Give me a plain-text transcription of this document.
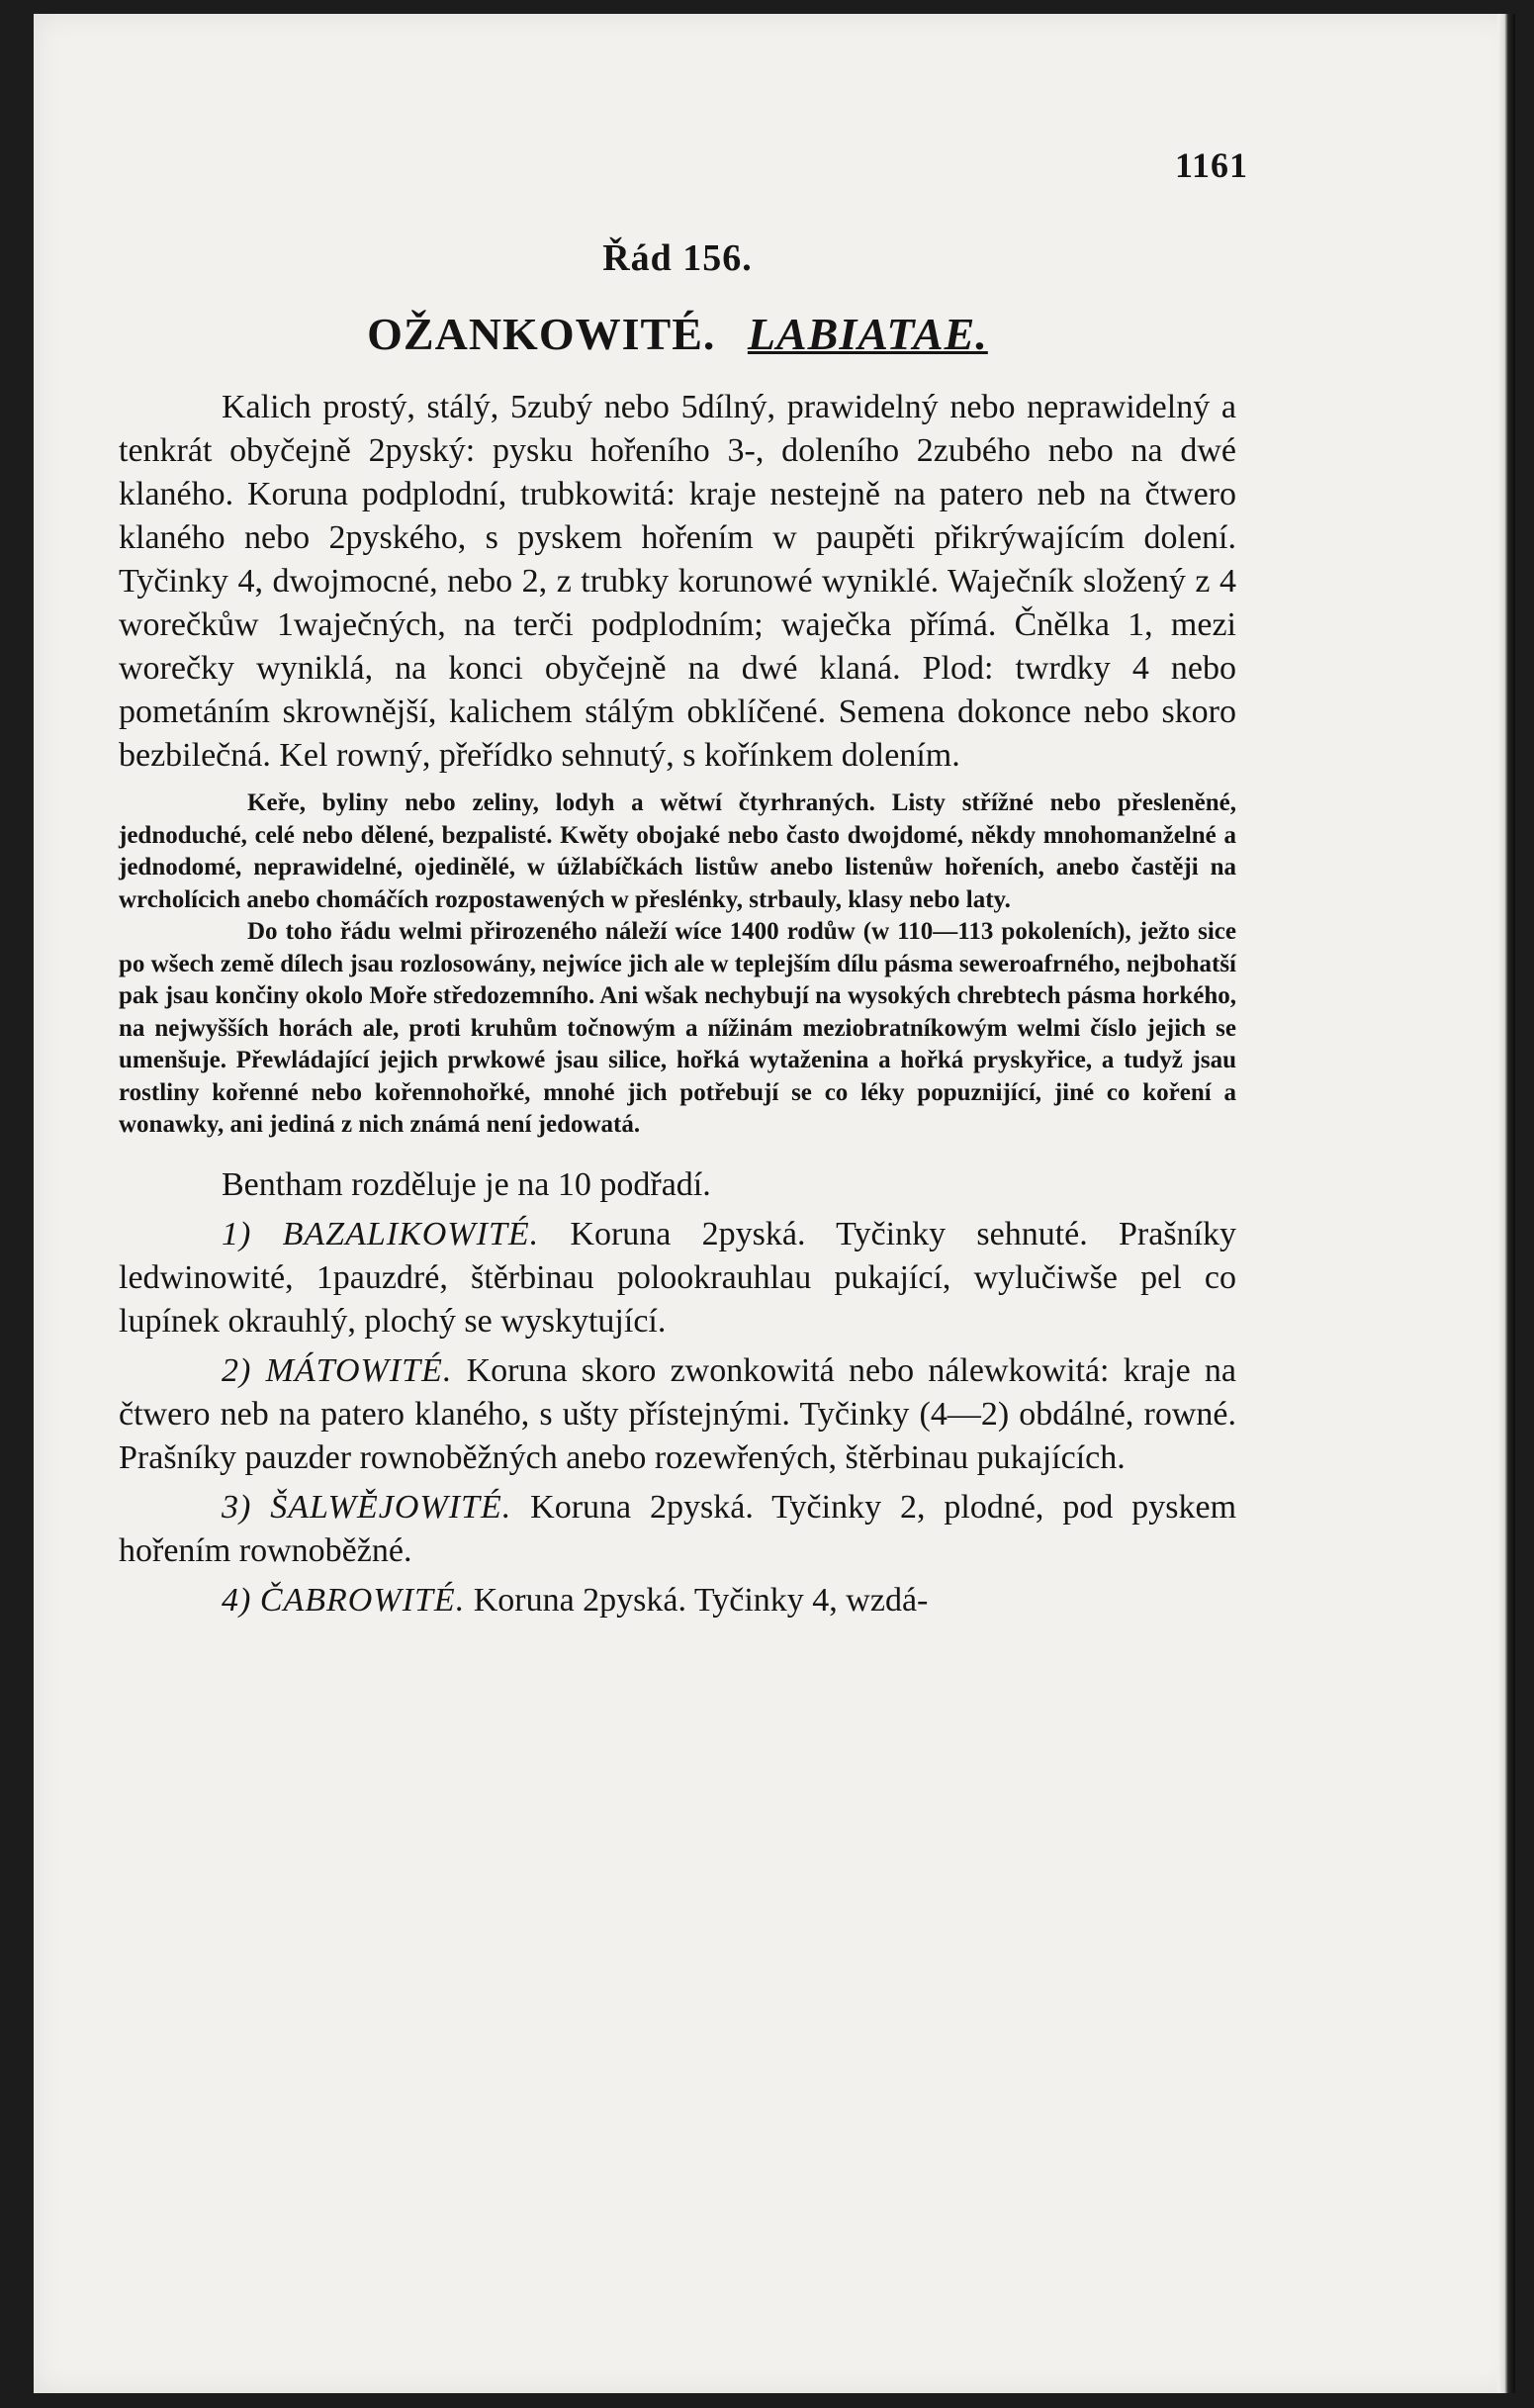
1161
Řád 156.
OŽANKOWITÉ. LABIATAE.

Kalich prostý, stálý, 5zubý nebo 5dílný, prawidelný nebo neprawidelný a tenkrát obyčejně 2pyský: pysku hořeního 3-, doleního 2zubého nebo na dwé klaného. Koruna podplodní, trubkowitá: kraje nestejně na patero neb na čtwero klaného nebo 2pyského, s pyskem hořením w paupěti přikrýwajícím dolení. Tyčinky 4, dwojmocné, nebo 2, z trubky korunowé wyniklé. Waječník složený z 4 worečkůw 1waječných, na terči podplodním; waječka přímá. Čnělka 1, mezi worečky wyniklá, na konci obyčejně na dwé klaná. Plod: twrdky 4 nebo pometáním skrownější, kalichem stálým obklíčené. Semena dokonce nebo skoro bezbilečná. Kel rowný, přeřídko sehnutý, s kořínkem dolením.

Keře, byliny nebo zeliny, lodyh a wětwí čtyrhraných. Listy střížné nebo přesleněné, jednoduché, celé nebo dělené, bezpalisté. Kwěty obojaké nebo často dwojdomé, někdy mnohomanželné a jednodomé, neprawidelné, ojedinělé, w úžlabíčkách listůw anebo listenůw hořeních, anebo častěji na wrcholícich anebo chomáčích rozpostawených w přeslénky, strbauly, klasy nebo laty.

Do toho řádu welmi přirozeného náleží wíce 1400 rodůw (w 110—113 pokoleních), ježto sice po wšech země dílech jsau rozlosowány, nejwíce jich ale w teplejším dílu pásma seweroafrného, nejbohatší pak jsau končiny okolo Moře středozemního. Ani wšak nechybují na wysokých chrebtech pásma horkého, na nejwyšších horách ale, proti kruhům točnowým a nížinám meziobratníkowým welmi číslo jejich se umenšuje. Přewládající jejich prwkowé jsau silice, hořká wytaženina a hořká pryskyřice, a tudyž jsau rostliny kořenné nebo kořennohořké, mnohé jich potřebují se co léky popuznijící, jiné co koření a wonawky, ani jediná z nich známá není jedowatá.

Bentham rozděluje je na 10 podřadí.

1) BAZALIKOWITÉ. Koruna 2pyská. Tyčinky sehnuté. Prašníky ledwinowité, 1pauzdré, štěrbinau polookrauhlau pukající, wylučiwše pel co lupínek okrauhlý, plochý se wyskytující.

2) MÁTOWITÉ. Koruna skoro zwonkowitá nebo nálewkowitá: kraje na čtwero neb na patero klaného, s ušty přístejnými. Tyčinky (4—2) obdálné, rowné. Prašníky pauzder rownoběžných anebo rozewřených, štěrbinau pukajících.

3) ŠALWĚJOWITÉ. Koruna 2pyská. Tyčinky 2, plodné, pod pyskem hořením rownoběžné.

4) ČABROWITÉ. Koruna 2pyská. Tyčinky 4, wzdá-
